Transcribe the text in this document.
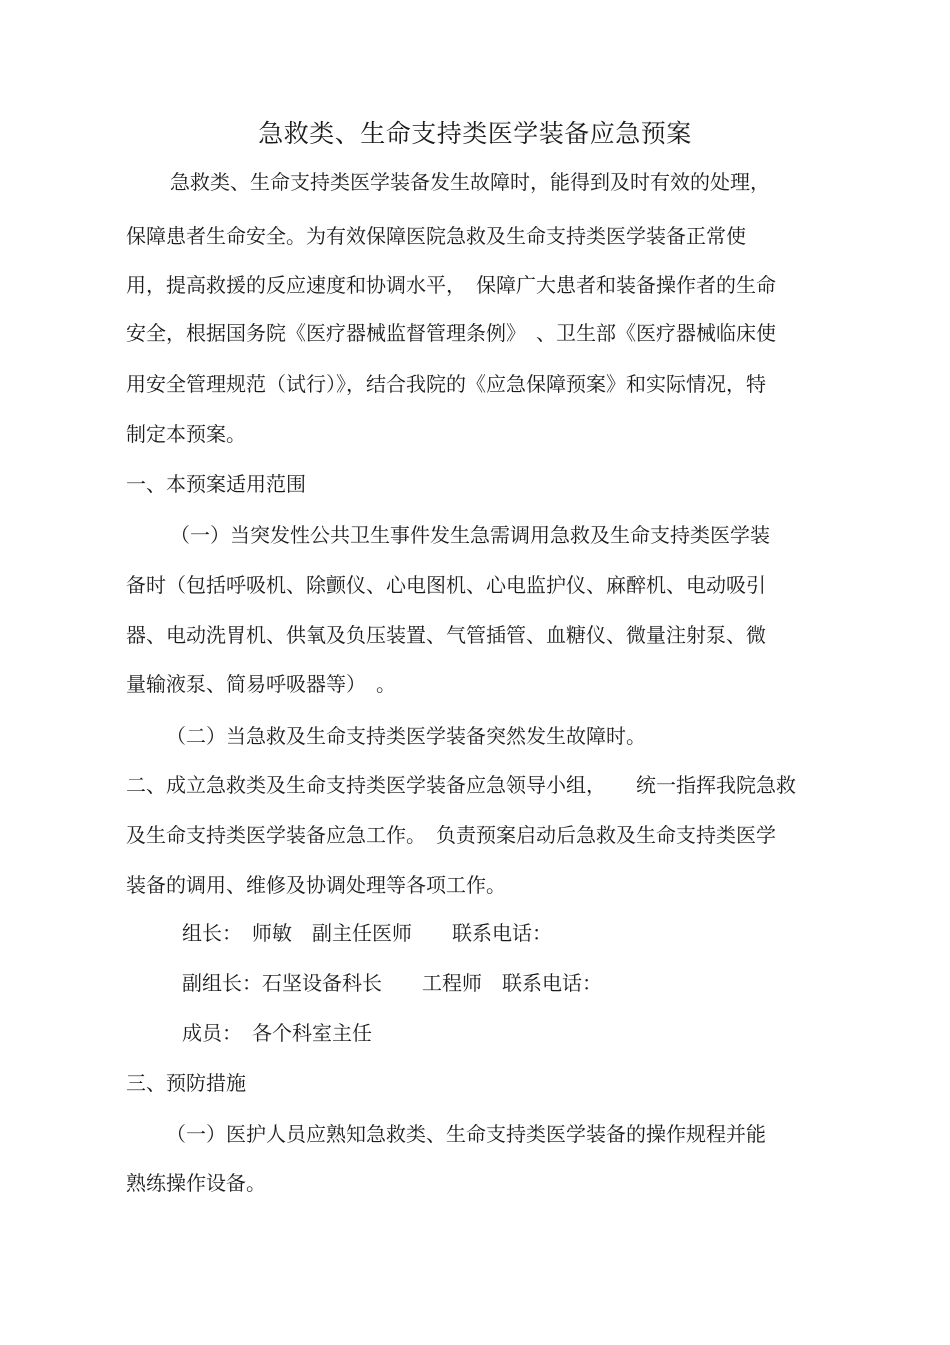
急救类、生命支持类医学装备应急预案
急救类、生命支持类医学装备发生故障时，能得到及时有效的处理，
保障患者生命安全。为有效保障医院急救及生命支持类医学装备正常使
用，提高救援的反应速度和协调水平，　保障广大患者和装备操作者的生命
安全，根据国务院《医疗器械监督管理条例》　、卫生部《医疗器械临床使
用安全管理规范（试行）》，结合我院的《应急保障预案》和实际情况，特
制定本预案。
一、本预案适用范围
（一）当突发性公共卫生事件发生急需调用急救及生命支持类医学装
备时（包括呼吸机、除颤仪、心电图机、心电监护仪、麻醉机、电动吸引
器、电动洗胃机、供氧及负压装置、气管插管、血糖仪、微量注射泵、微
量输液泵、简易呼吸器等）　。
（二）当急救及生命支持类医学装备突然发生故障时。
二、成立急救类及生命支持类医学装备应急领导小组，　　统一指挥我院急救
及生命支持类医学装备应急工作。　负责预案启动后急救及生命支持类医学
装备的调用、维修及协调处理等各项工作。
组长：　师敏　副主任医师　　联系电话：
副组长：石坚设备科长　　工程师　联系电话：
成员：　各个科室主任
三、预防措施
（一）医护人员应熟知急救类、生命支持类医学装备的操作规程并能
熟练操作设备。
